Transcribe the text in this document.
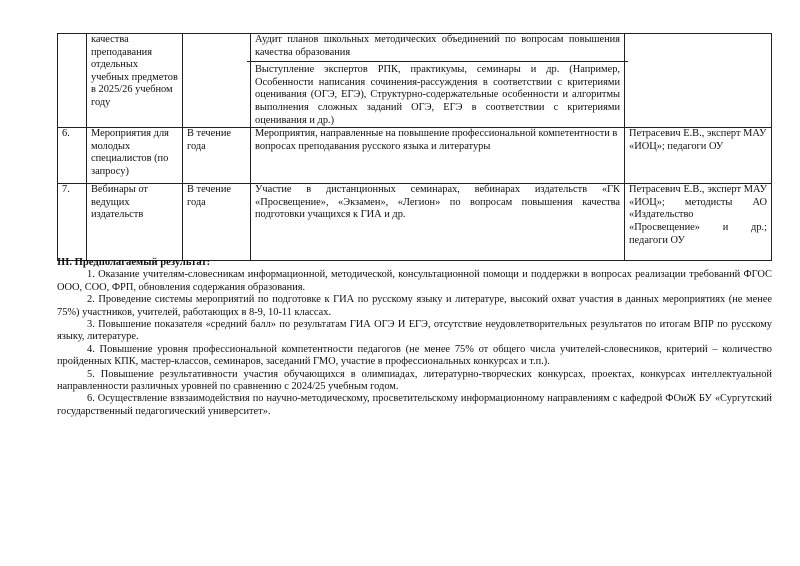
	качества преподавания отдельных учебных предметов в 2025/26 учебном году		Аудит планов школьных методических объединений по вопросам повышения качества образования
Выступление экспертов РПК, практикумы, семинары и др. (Например, Особенности написания сочинения-рассуждения в соответствии с критериями оценивания (ОГЭ, ЕГЭ), Структурно-содержательные особенности и алгоритмы выполнения сложных заданий ОГЭ, ЕГЭ в соответствии с критериями оценивания и др.)	

6.	Мероприятия для молодых специалистов (по запросу)	В течение года	Мероприятия, направленные на повышение профессиональной компетентности в вопросах преподавания русского языка и литературы	Петрасевич Е.В., эксперт МАУ «ИОЦ»; педагоги ОУ
7.	Вебинары от ведущих издательств	В течение года	Участие в дистанционных семинарах, вебинарах издательств «ГК «Просвещение», «Экзамен», «Легион» по вопросам повышения качества подготовки учащихся к ГИА и др.	Петрасевич Е.В., эксперт МАУ «ИОЦ»; методисты АО «Издательство «Просвещение» и др.; педагоги ОУ
III. Предполагаемый результат:

1. Оказание учителям-словесникам информационной, методической, консультационной помощи и поддержки в вопросах реализации требований ФГОС ООО, СОО, ФРП, обновления содержания образования.

2. Проведение системы мероприятий по подготовке к ГИА по русскому языку и литературе, высокий охват участия в данных мероприятиях (не менее 75%) участников, учителей, работающих в 8-9, 10-11 классах.

3. Повышение показателя «средний балл» по результатам ГИА ОГЭ И ЕГЭ, отсутствие неудовлетворительных результатов по итогам ВПР по русскому языку, литературе.

4. Повышение уровня профессиональной компетентности педагогов (не менее 75% от общего числа учителей-словесников, критерий – количество пройденных КПК, мастер-классов, семинаров, заседаний ГМО, участие в профессиональных конкурсах и т.п.).

5. Повышение результативности участия обучающихся в олимпиадах, литературно-творческих конкурсах, проектах, конкурсах интеллектуальной направленности различных уровней по сравнению с 2024/25 учебным годом.

6. Осуществление взвзаимодействия по научно-методическому, просветительскому информационному направлениям с кафедрой ФОиЖ БУ «Сургутский государственный педагогический университет».
